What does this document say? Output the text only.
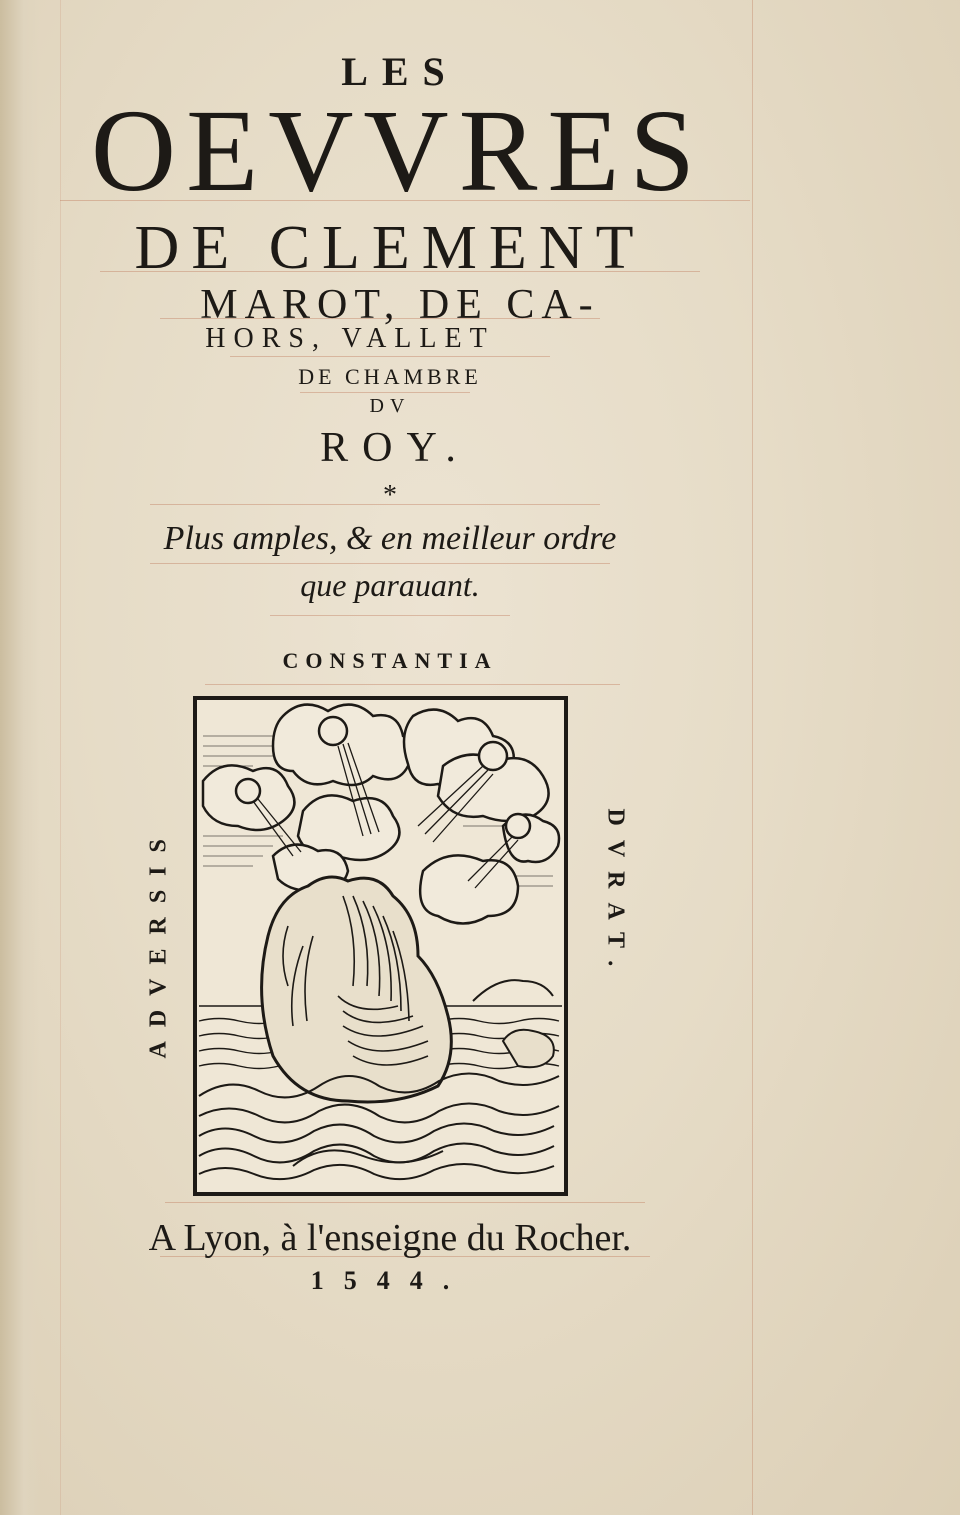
LES
OEVVRES
DE CLEMENT
MAROT, DE CA-
HORS, VALLET
DE CHAMBRE
DV
ROY.
*
Plus amples, & en meilleur ordre
que parauant.
CONSTANTIA
ADVERSIS	DVRAT.
A Lyon, à l'enseigne du Rocher.
1544.
